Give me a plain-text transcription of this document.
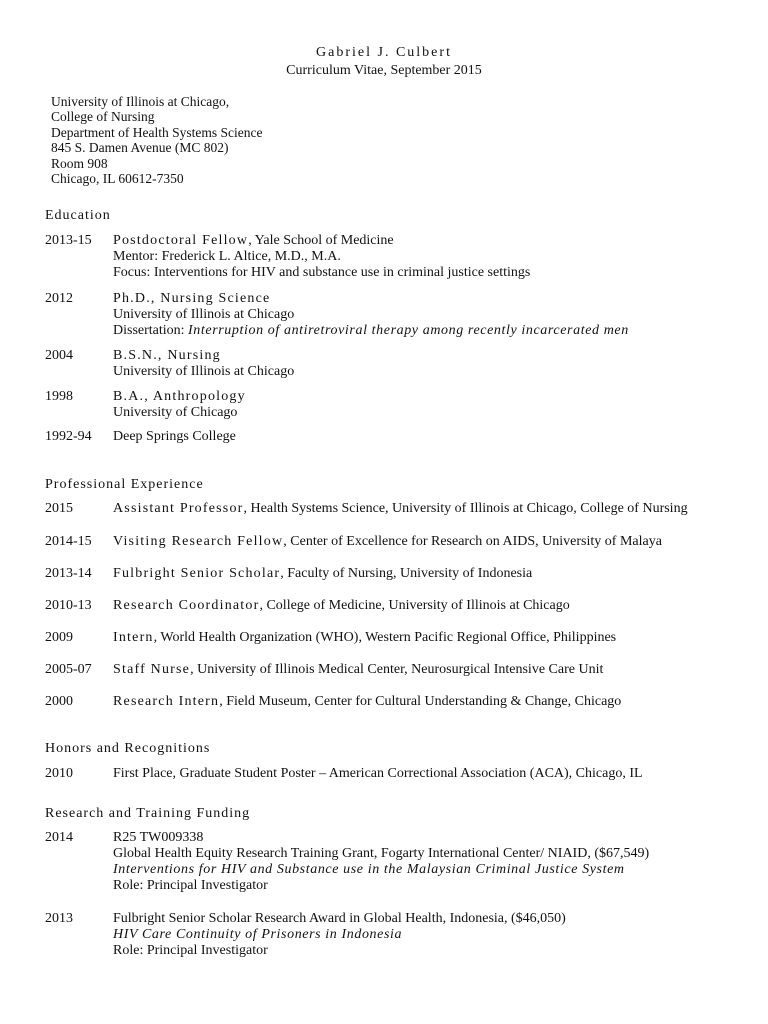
Gabriel J. Culbert
Curriculum Vitae, September 2015
University of Illinois at Chicago,
College of Nursing
Department of Health Systems Science
845 S. Damen Avenue (MC 802)
Room 908
Chicago, IL 60612-7350
Education
2013-15 Postdoctoral Fellow, Yale School of Medicine
Mentor: Frederick L. Altice, M.D., M.A.
Focus: Interventions for HIV and substance use in criminal justice settings
2012	Ph.D., Nursing Science
University of Illinois at Chicago
Dissertation: Interruption of antiretroviral therapy among recently incarcerated men
2004	B.S.N., Nursing
University of Illinois at Chicago
1998	B.A., Anthropology
University of Chicago
1992-94 Deep Springs College
Professional Experience
2015	Assistant Professor, Health Systems Science, University of Illinois at Chicago, College of Nursing
2014-15 Visiting Research Fellow, Center of Excellence for Research on AIDS, University of Malaya
2013-14 Fulbright Senior Scholar, Faculty of Nursing, University of Indonesia
2010-13 Research Coordinator, College of Medicine, University of Illinois at Chicago
2009	Intern, World Health Organization (WHO), Western Pacific Regional Office, Philippines
2005-07 Staff Nurse, University of Illinois Medical Center, Neurosurgical Intensive Care Unit
2000	Research Intern, Field Museum, Center for Cultural Understanding & Change, Chicago
Honors and Recognitions
2010	First Place, Graduate Student Poster – American Correctional Association (ACA), Chicago, IL
Research and Training Funding
2014	R25 TW009338
Global Health Equity Research Training Grant, Fogarty International Center/ NIAID, ($67,549)
Interventions for HIV and Substance use in the Malaysian Criminal Justice System
Role: Principal Investigator
2013	Fulbright Senior Scholar Research Award in Global Health, Indonesia, ($46,050)
HIV Care Continuity of Prisoners in Indonesia
Role: Principal Investigator
